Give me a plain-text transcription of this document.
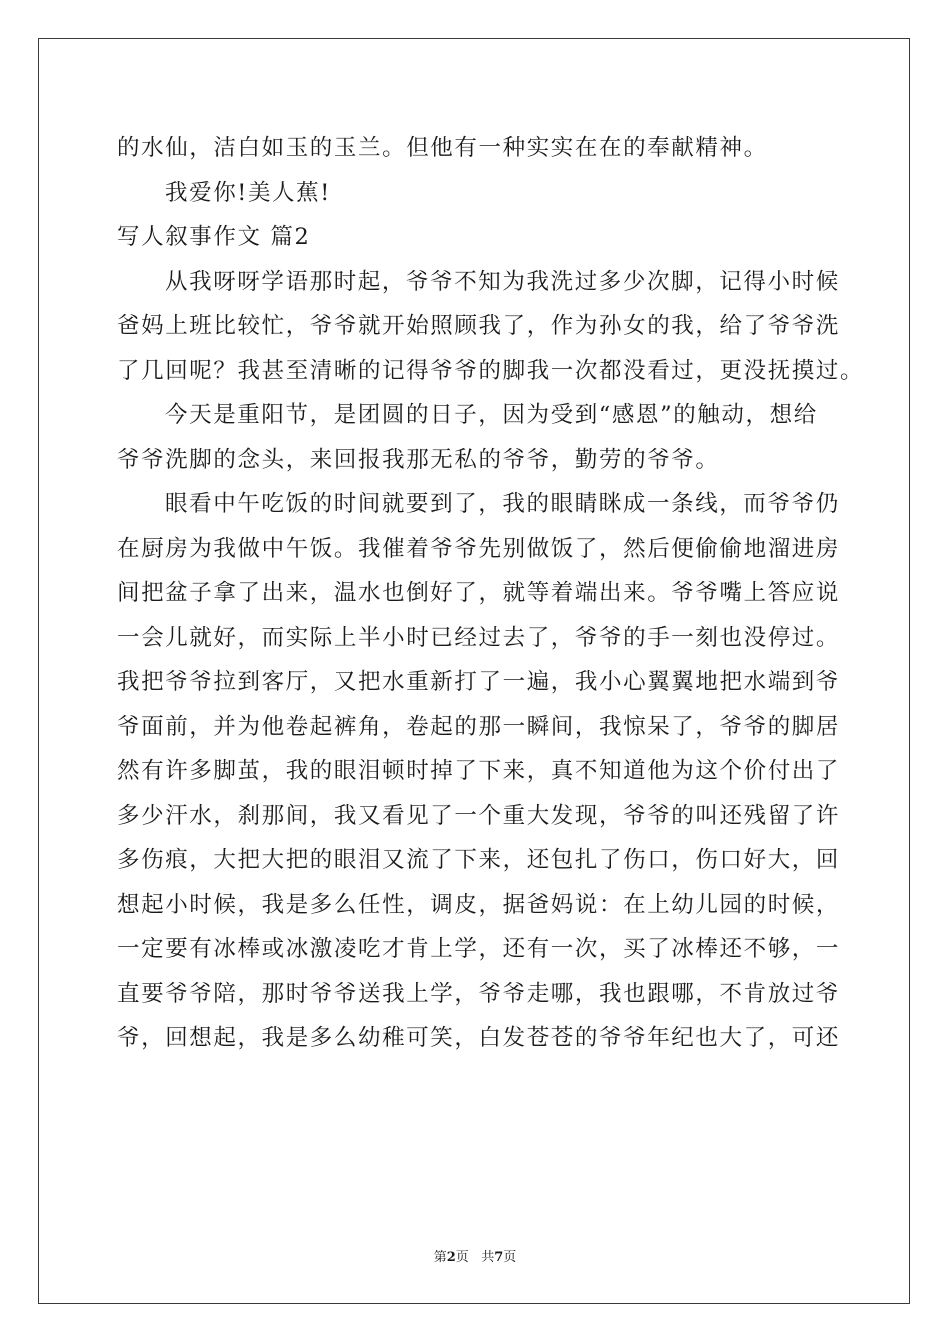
的水仙，洁白如玉的玉兰。但他有一种实实在在的奉献精神。
我爱你!美人蕉!
写人叙事作文 篇2
从我呀呀学语那时起，爷爷不知为我洗过多少次脚，记得小时候
爸妈上班比较忙，爷爷就开始照顾我了，作为孙女的我，给了爷爷洗
了几回呢？我甚至清晰的记得爷爷的脚我一次都没看过，更没抚摸过。
今天是重阳节，是团圆的日子，因为受到“感恩”的触动，想给
爷爷洗脚的念头，来回报我那无私的爷爷，勤劳的爷爷。
眼看中午吃饭的时间就要到了，我的眼睛眯成一条线，而爷爷仍
在厨房为我做中午饭。我催着爷爷先别做饭了，然后便偷偷地溜进房
间把盆子拿了出来，温水也倒好了，就等着端出来。爷爷嘴上答应说
一会儿就好，而实际上半小时已经过去了，爷爷的手一刻也没停过。
我把爷爷拉到客厅，又把水重新打了一遍，我小心翼翼地把水端到爷
爷面前，并为他卷起裤角，卷起的那一瞬间，我惊呆了，爷爷的脚居
然有许多脚茧，我的眼泪顿时掉了下来，真不知道他为这个价付出了
多少汗水，刹那间，我又看见了一个重大发现，爷爷的叫还残留了许
多伤痕，大把大把的眼泪又流了下来，还包扎了伤口，伤口好大，回
想起小时候，我是多么任性，调皮，据爸妈说：在上幼儿园的时候，
一定要有冰棒或冰激凌吃才肯上学，还有一次，买了冰棒还不够，一
直要爷爷陪，那时爷爷送我上学，爷爷走哪，我也跟哪，不肯放过爷
爷，回想起，我是多么幼稚可笑，白发苍苍的爷爷年纪也大了，可还
第2页   共7页
